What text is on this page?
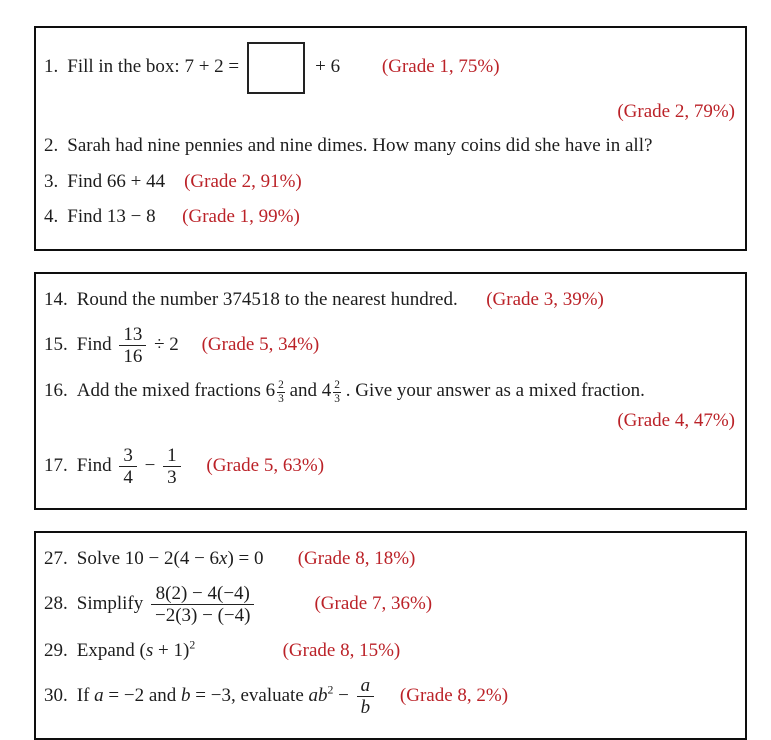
1. Fill in the box: 7 + 2 =	+ 6 (Grade 1, 75%)
(Grade 2, 79%)
2. Sarah had nine pennies and nine dimes. How many coins did she have in all?
3. Find 66 + 44 (Grade 2, 91%)
4. Find 13 − 8 (Grade 1, 99%)
14. Round the number 374518 to the nearest hundred. (Grade 3, 39%)
15. Find $\frac{13}{16} \div 2$ (Grade 5, 34%)
16. Add the mixed fractions $6 \frac{2}{3}$ and $4 \frac{2}{3}$ . Give your answer as a mixed fraction.
(Grade 4, 47%)
17. Find $\frac{3}{4} - \frac{1}{3}$ (Grade 5, 63%)
27. Solve 10 − 2(4 − 6x) = 0 (Grade 8, 18%)
28. Simplify $\frac{8(2) - 4(-4)}{-2(3) - (-4)}$	(Grade 7, 36%)
29. Expand $(s + 1)^2$	(Grade 8, 15%)
30. If a = −2 and b = −3, evaluate $ab^2 - \frac{a}{b}$ (Grade 8, 2%)
